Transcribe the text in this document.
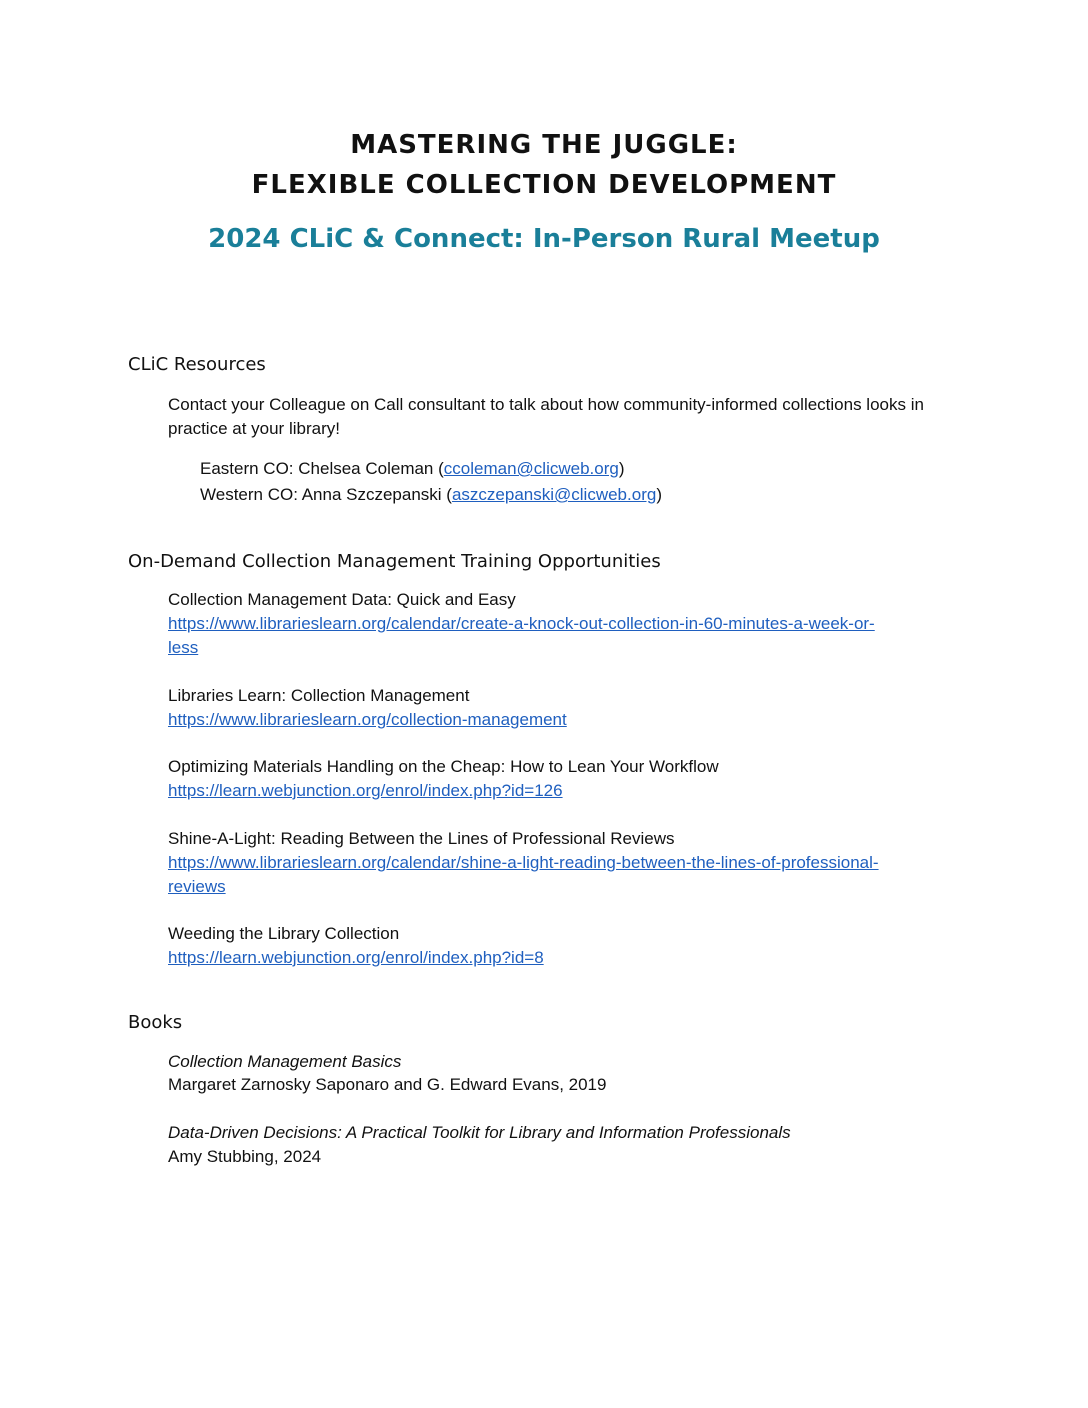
MASTERING THE JUGGLE:
FLEXIBLE COLLECTION DEVELOPMENT
2024 CLiC & Connect: In-Person Rural Meetup
CLiC Resources

Contact your Colleague on Call consultant to talk about how community-informed collections looks in practice at your library!

Eastern CO: Chelsea Coleman (ccoleman@clicweb.org)

Western CO: Anna Szczepanski (aszczepanski@clicweb.org)

On-Demand Collection Management Training Opportunities

Collection Management Data: Quick and Easy

https://www.librarieslearn.org/calendar/create-a-knock-out-collection-in-60-minutes-a-week-or-
less

Libraries Learn: Collection Management

https://www.librarieslearn.org/collection-management

Optimizing Materials Handling on the Cheap: How to Lean Your Workflow

https://learn.webjunction.org/enrol/index.php?id=126

Shine-A-Light: Reading Between the Lines of Professional Reviews

https://www.librarieslearn.org/calendar/shine-a-light-reading-between-the-lines-of-professional-
reviews

Weeding the Library Collection

https://learn.webjunction.org/enrol/index.php?id=8

Books

Collection Management Basics

Margaret Zarnosky Saponaro and G. Edward Evans, 2019

Data-Driven Decisions: A Practical Toolkit for Library and Information Professionals

Amy Stubbing, 2024
